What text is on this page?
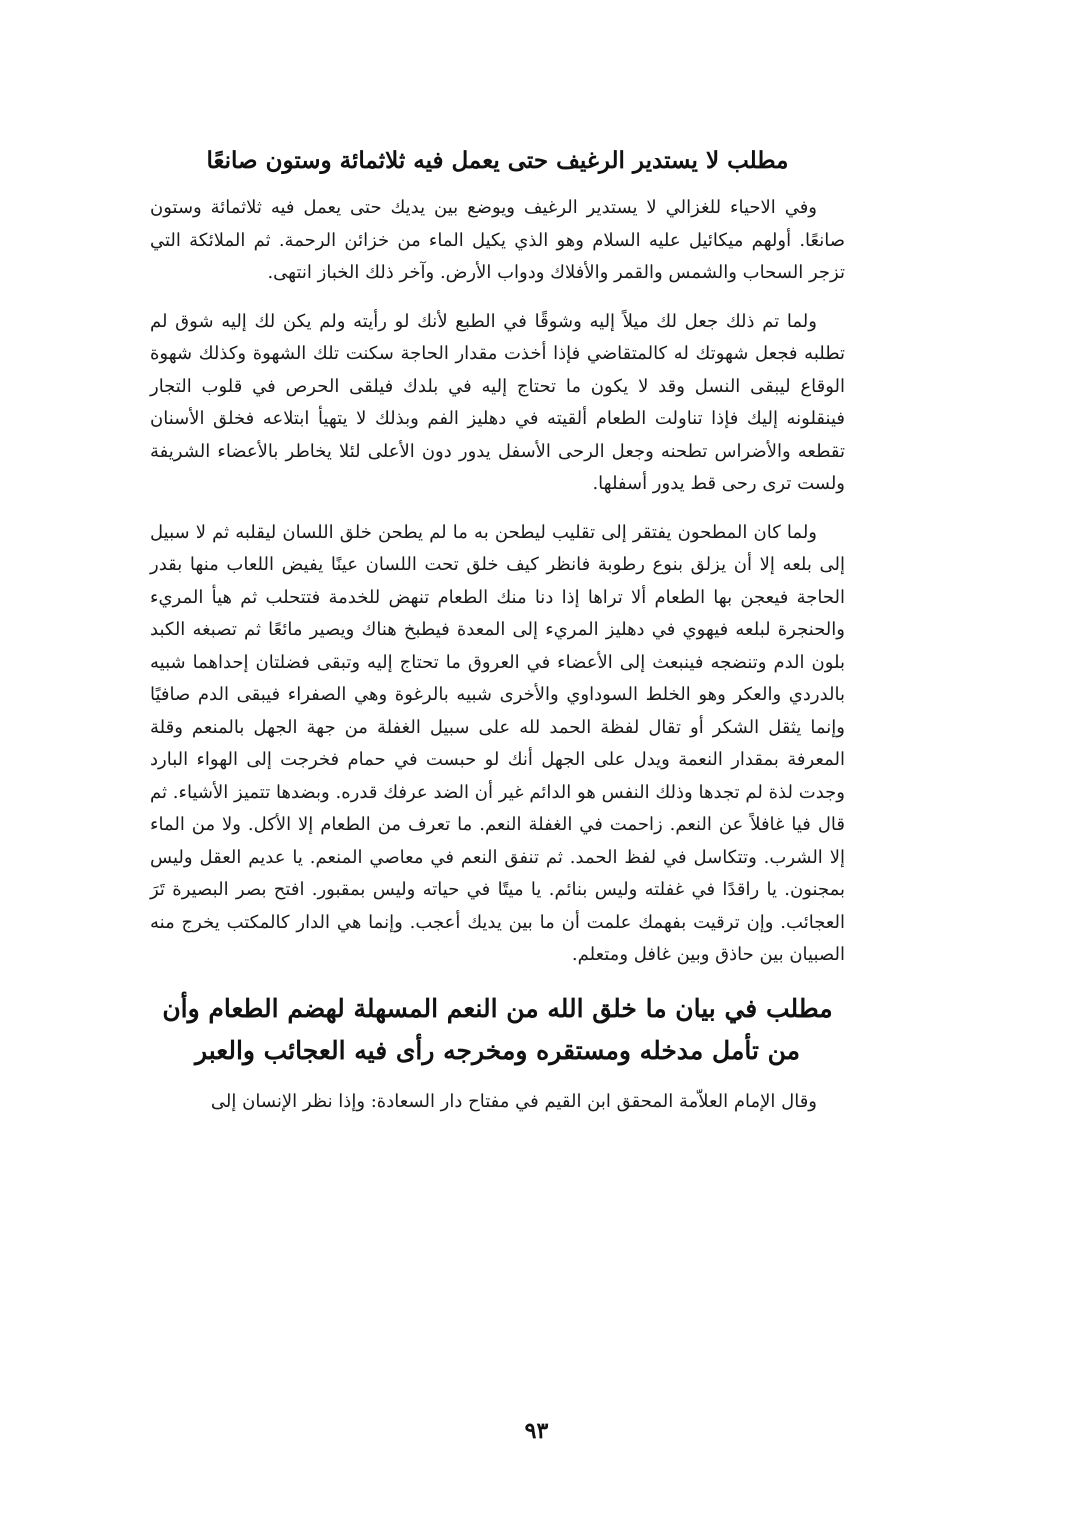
مطلب لا يستدير الرغيف حتى يعمل فيه ثلاثمائة وستون صانعًا

وفي الاحياء للغزالي لا يستدير الرغيف ويوضع بين يديك حتى يعمل فيه ثلاثمائة وستون صانعًا. أولهم ميكائيل عليه السلام وهو الذي يكيل الماء من خزائن الرحمة. ثم الملائكة التي تزجر السحاب والشمس والقمر والأفلاك ودواب الأرض. وآخر ذلك الخباز انتهى.

ولما تم ذلك جعل لك ميلاً إليه وشوقًا في الطبع لأنك لو رأيته ولم يكن لك إليه شوق لم تطلبه فجعل شهوتك له كالمتقاضي فإذا أخذت مقدار الحاجة سكنت تلك الشهوة وكذلك شهوة الوقاع ليبقى النسل وقد لا يكون ما تحتاج إليه في بلدك فيلقى الحرص في قلوب التجار فينقلونه إليك فإذا تناولت الطعام ألقيته في دهليز الفم وبذلك لا يتهيأ ابتلاعه فخلق الأسنان تقطعه والأضراس تطحنه وجعل الرحى الأسفل يدور دون الأعلى لئلا يخاطر بالأعضاء الشريفة ولست ترى رحى قط يدور أسفلها.

ولما كان المطحون يفتقر إلى تقليب ليطحن به ما لم يطحن خلق اللسان ليقلبه ثم لا سبيل إلى بلعه إلا أن يزلق بنوع رطوبة فانظر كيف خلق تحت اللسان عينًا يفيض اللعاب منها بقدر الحاجة فيعجن بها الطعام ألا تراها إذا دنا منك الطعام تنهض للخدمة فتتحلب ثم هيأ المريء والحنجرة لبلعه فيهوي في دهليز المريء إلى المعدة فيطبخ هناك ويصير مائعًا ثم تصبغه الكبد بلون الدم وتنضجه فينبعث إلى الأعضاء في العروق ما تحتاج إليه وتبقى فضلتان إحداهما شبيه بالدردي والعكر وهو الخلط السوداوي والأخرى شبيه بالرغوة وهي الصفراء فيبقى الدم صافيًا وإنما يثقل الشكر أو تقال لفظة الحمد لله على سبيل الغفلة من جهة الجهل بالمنعم وقلة المعرفة بمقدار النعمة ويدل على الجهل أنك لو حبست في حمام فخرجت إلى الهواء البارد وجدت لذة لم تجدها وذلك النفس هو الدائم غير أن الضد عرفك قدره. وبضدها تتميز الأشياء. ثم قال فيا غافلاً عن النعم. زاحمت في الغفلة النعم. ما تعرف من الطعام إلا الأكل. ولا من الماء إلا الشرب. وتتكاسل في لفظ الحمد. ثم تنفق النعم في معاصي المنعم. يا عديم العقل وليس بمجنون. يا راقدًا في غفلته وليس بنائم. يا ميتًا في حياته وليس بمقبور. افتح بصر البصيرة تَرَ العجائب. وإن ترقيت بفهمك علمت أن ما بين يديك أعجب. وإنما هي الدار كالمكتب يخرج منه الصبيان بين حاذق وبين غافل ومتعلم.

مطلب في بيان ما خلق الله من النعم المسهلة لهضم الطعام وأن من تأمل مدخله ومستقره ومخرجه رأى فيه العجائب والعبر

وقال الإمام العلاّمة المحقق ابن القيم في مفتاح دار السعادة: وإذا نظر الإنسان إلى

٩٣
